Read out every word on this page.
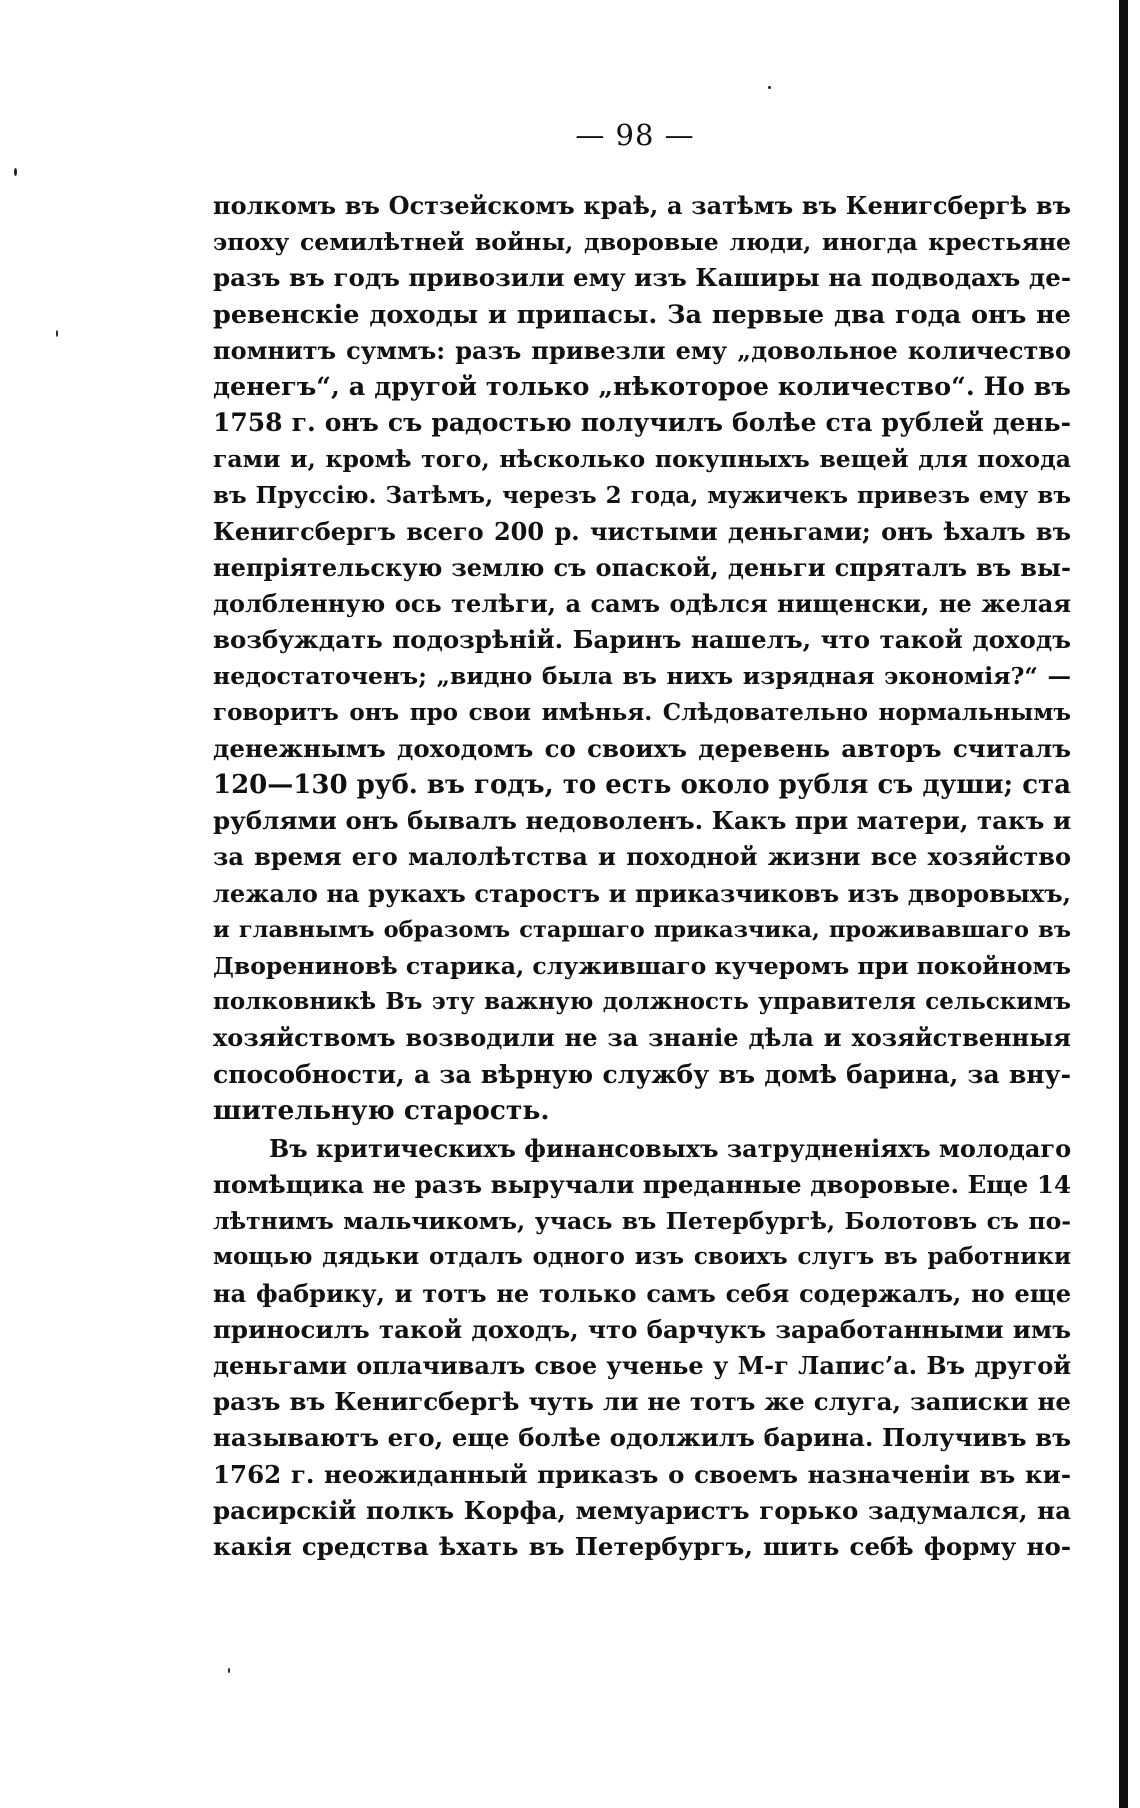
— 98 —
полкомъ въ Остзейскомъ краѣ, а затѣмъ въ Кенигсбергѣ въ
эпоху семилѣтней войны, дворовые люди, иногда крестьяне
разъ въ годъ привозили ему изъ Каширы на подводахъ де-
ревенскіе доходы и припасы. За первые два года онъ не
помнитъ суммъ: разъ привезли ему „довольное количество
денегъ“, а другой только „нѣкоторое количество“. Но въ
1758 г. онъ съ радостью получилъ болѣе ста рублей день-
гами и, кромѣ того, нѣсколько покупныхъ вещей для похода
въ Пруссію. Затѣмъ, черезъ 2 года, мужичекъ привезъ ему въ
Кенигсбергъ всего 200 р. чистыми деньгами; онъ ѣхалъ въ
непріятельскую землю съ опаской, деньги спряталъ въ вы-
долбленную ось телѣги, а самъ одѣлся нищенски, не желая
возбуждать подозрѣній. Баринъ нашелъ, что такой доходъ
недостаточенъ; „видно была въ нихъ изрядная экономія?“ —
говоритъ онъ про свои имѣнья. Слѣдовательно нормальнымъ
денежнымъ доходомъ со своихъ деревень авторъ считалъ
120—130 руб. въ годъ, то есть около рубля съ души; ста
рублями онъ бывалъ недоволенъ. Какъ при матери, такъ и
за время его малолѣтства и походной жизни все хозяйство
лежало на рукахъ старостъ и приказчиковъ изъ дворовыхъ,
и главнымъ образомъ старшаго приказчика, проживавшаго въ
Двоpениновѣ старика, служившаго кучеромъ при покойномъ
полковникѣ Въ эту важную должность управителя сельскимъ
хозяйствомъ возводили не за знаніе дѣла и хозяйственныя
способности, а за вѣрную службу въ домѣ барина, за вну-
шительную старость.
Въ критическихъ финансовыхъ затрудненіяхъ молодаго
помѣщика не разъ выручали преданные дворовые. Еще 14
лѣтнимъ мальчикомъ, учась въ Петербургѣ, Болотовъ съ по-
мощью дядьки отдалъ одного изъ своихъ слугъ въ работники
на фабрику, и тотъ не только самъ себя содержалъ, но еще
приносилъ такой доходъ, что барчукъ заработанными имъ
деньгами оплачивалъ свое ученье у М-г Лапис’а. Въ другой
разъ въ Кенигсбергѣ чуть ли не тотъ же слуга, записки не
называютъ его, еще болѣе одолжилъ барина. Получивъ въ
1762 г. неожиданный приказъ о своемъ назначеніи въ ки-
расирскій полкъ Корфа, мемуаристъ горько задумался, на
какія средства ѣхать въ Петербургъ, шить себѣ форму но-
